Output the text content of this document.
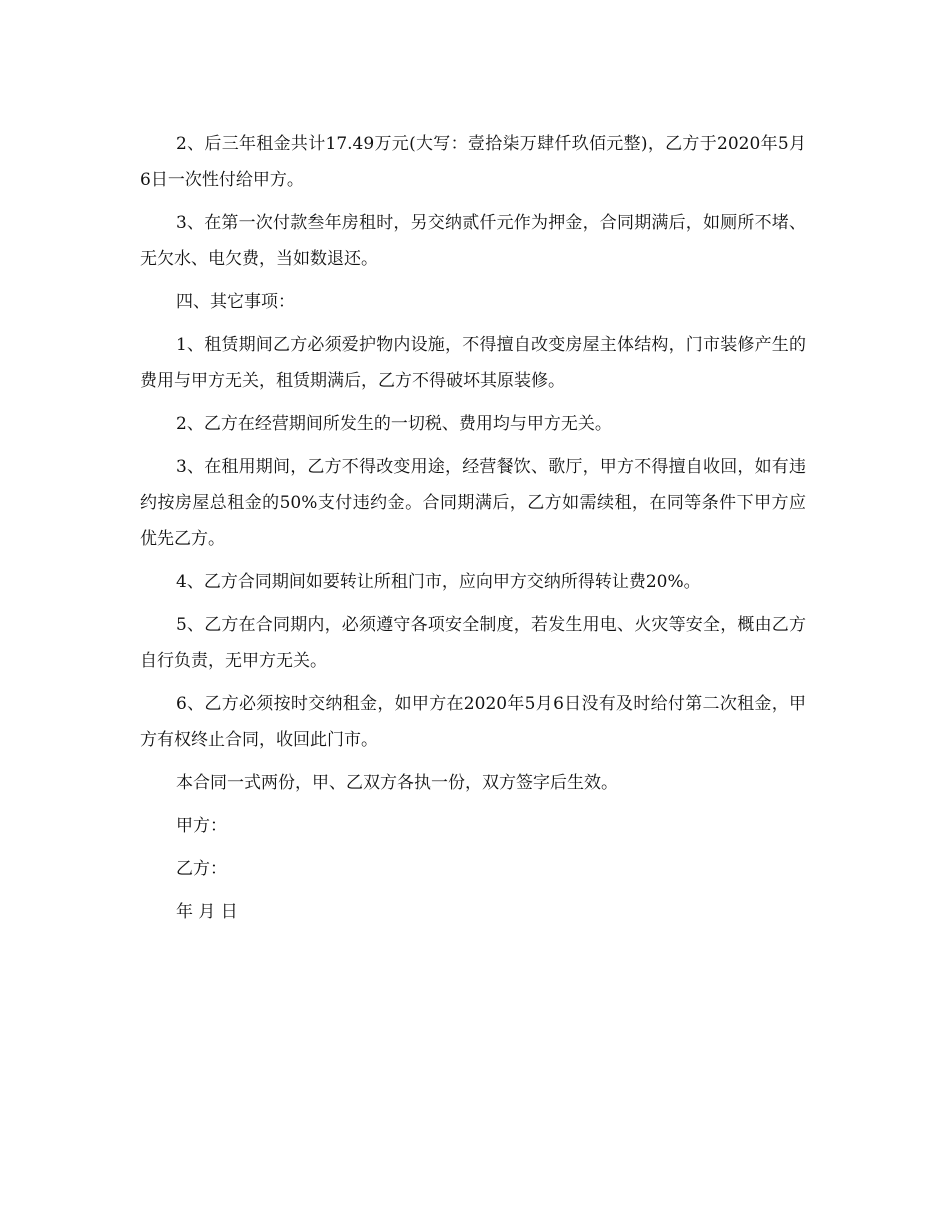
2、后三年租金共计17.49万元(大写：壹拾柒万肆仟玖佰元整)，乙方于2020年5月6日一次性付给甲方。

3、在第一次付款叁年房租时，另交纳贰仟元作为押金，合同期满后，如厕所不堵、无欠水、电欠费，当如数退还。

四、其它事项：

1、租赁期间乙方必须爱护物内设施，不得擅自改变房屋主体结构，门市装修产生的费用与甲方无关，租赁期满后，乙方不得破坏其原装修。

2、乙方在经营期间所发生的一切税、费用均与甲方无关。

3、在租用期间，乙方不得改变用途，经营餐饮、歌厅，甲方不得擅自收回，如有违约按房屋总租金的50%支付违约金。合同期满后，乙方如需续租，在同等条件下甲方应优先乙方。

4、乙方合同期间如要转让所租门市，应向甲方交纳所得转让费20%。

5、乙方在合同期内，必须遵守各项安全制度，若发生用电、火灾等安全，概由乙方自行负责，无甲方无关。

6、乙方必须按时交纳租金，如甲方在2020年5月6日没有及时给付第二次租金，甲方有权终止合同，收回此门市。

本合同一式两份，甲、乙双方各执一份，双方签字后生效。

甲方：

乙方：

年 月 日
